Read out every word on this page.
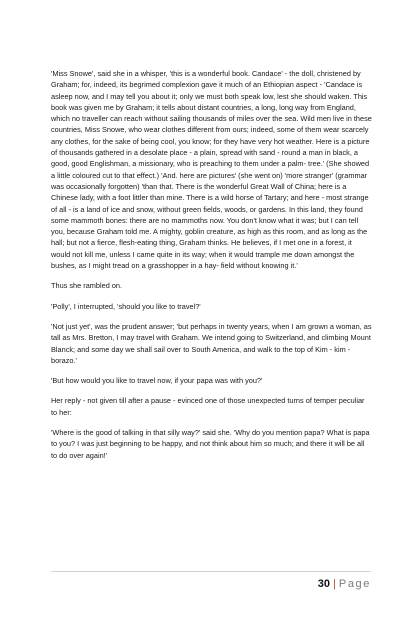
'Miss Snowe', said she in a whisper, 'this is a wonderful book. Candace' - the doll, christened by Graham; for, indeed, its begrimed complexion gave it much of an Ethiopian aspect - 'Candace is asleep now, and I may tell you about it; only we must both speak low, lest she should waken. This book was given me by Graham; it tells about distant countries, a long, long way from England, which no traveller can reach without sailing thousands of miles over the sea. Wild men live in these countries, Miss Snowe, who wear clothes different from ours; indeed, some of them wear scarcely any clothes, for the sake of being cool, you know; for they have very hot weather. Here is a picture of thousands gathered in a desolate place - a plain, spread with sand - round a man in black, a good, good Englishman, a missionary, who is preaching to them under a palm- tree.' (She showed a little coloured cut to that effect.) 'And. here are pictures' (she went on) 'more stranger' (grammar was occasionally forgotten) 'than that. There is the wonderful Great Wall of China; here is a Chinese lady, with a foot littler than mine. There is a wild horse of Tartary; and here - most strange of all - is a land of ice and snow, without green fields, woods, or gardens. In this land, they found some mammoth bones: there are no mammoths now. You don't know what it was; but I can tell you, because Graham told me. A mighty, goblin creature, as high as this room, and as long as the hall; but not a fierce, flesh-eating thing, Graham thinks. He believes, if I met one in a forest, it would not kill me, unless I came quite in its way; when it would trample me down amongst the bushes, as I might tread on a grasshopper in a hay- field without knowing it.'

Thus she rambled on.

'Polly', I interrupted, 'should you like to travel?'

'Not just yet', was the prudent answer; 'but perhaps in twenty years, when I am grown a woman, as tall as Mrs. Bretton, I may travel with Graham. We intend going to Switzerland, and climbing Mount Blanck; and some day we shall sail over to South America, and walk to the top of Kim - kim - borazo.'

'But how would you like to travel now, if your papa was with you?'

Her reply - not given till after a pause - evinced one of those unexpected turns of temper peculiar to her:

'Where is the good of talking in that silly way?' said she. 'Why do you mention papa? What is papa to you? I was just beginning to be happy, and not think about him so much; and there it will be all to do over again!'

30 | Page
